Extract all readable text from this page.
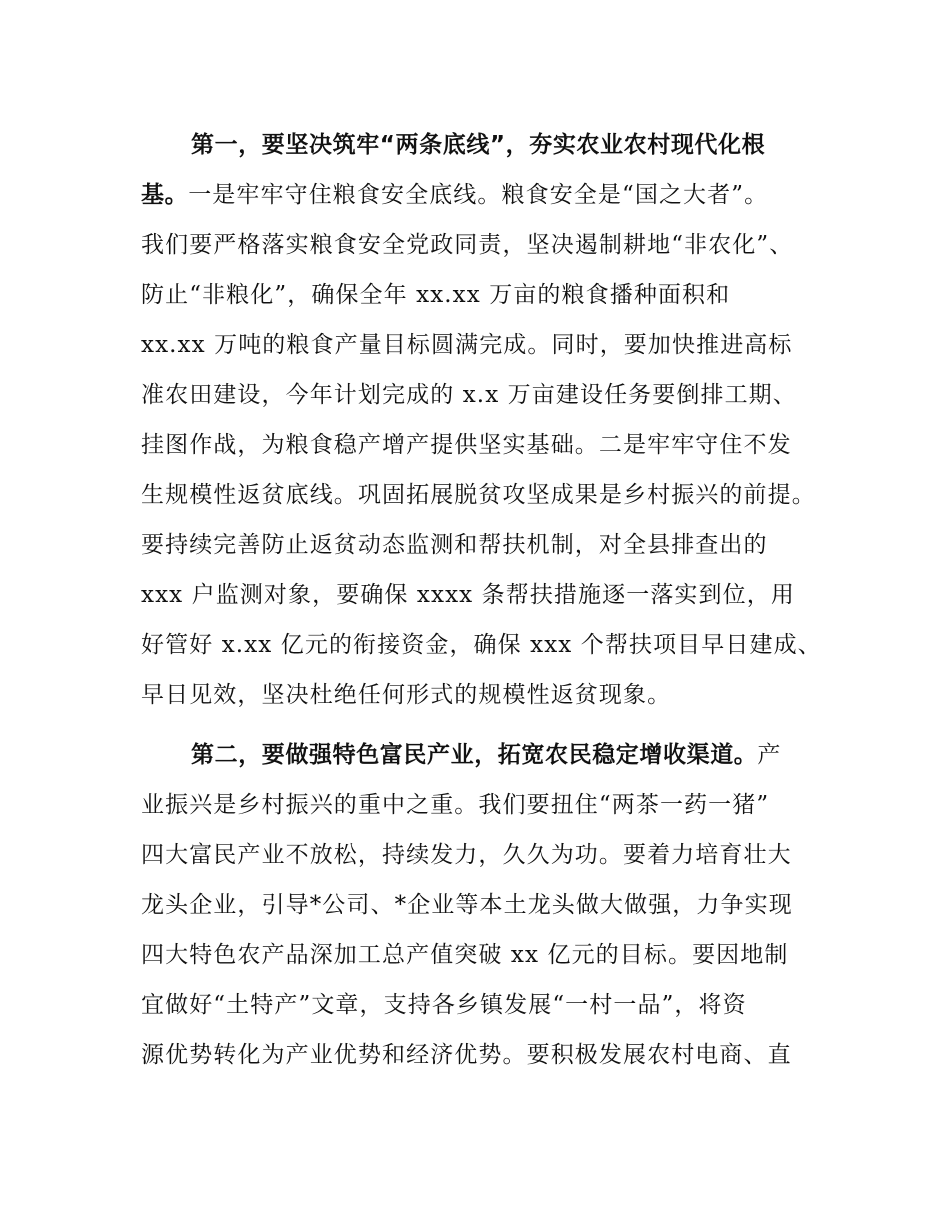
第一，要坚决筑牢“两条底线”，夯实农业农村现代化根
基。一是牢牢守住粮食安全底线。粮食安全是“国之大者”。
我们要严格落实粮食安全党政同责，坚决遏制耕地“非农化”、
防止“非粮化”，确保全年 xx.xx 万亩的粮食播种面积和
xx.xx 万吨的粮食产量目标圆满完成。同时，要加快推进高标
准农田建设，今年计划完成的 x.x 万亩建设任务要倒排工期、
挂图作战，为粮食稳产增产提供坚实基础。二是牢牢守住不发
生规模性返贫底线。巩固拓展脱贫攻坚成果是乡村振兴的前提。
要持续完善防止返贫动态监测和帮扶机制，对全县排查出的
xxx 户监测对象，要确保 xxxx 条帮扶措施逐一落实到位，用
好管好 x.xx 亿元的衔接资金，确保 xxx 个帮扶项目早日建成、
早日见效，坚决杜绝任何形式的规模性返贫现象。
第二，要做强特色富民产业，拓宽农民稳定增收渠道。产
业振兴是乡村振兴的重中之重。我们要扭住“两茶一药一猪”
四大富民产业不放松，持续发力，久久为功。要着力培育壮大
龙头企业，引导*公司、*企业等本土龙头做大做强，力争实现
四大特色农产品深加工总产值突破 xx 亿元的目标。要因地制
宜做好“土特产”文章，支持各乡镇发展“一村一品”，将资
源优势转化为产业优势和经济优势。要积极发展农村电商、直
